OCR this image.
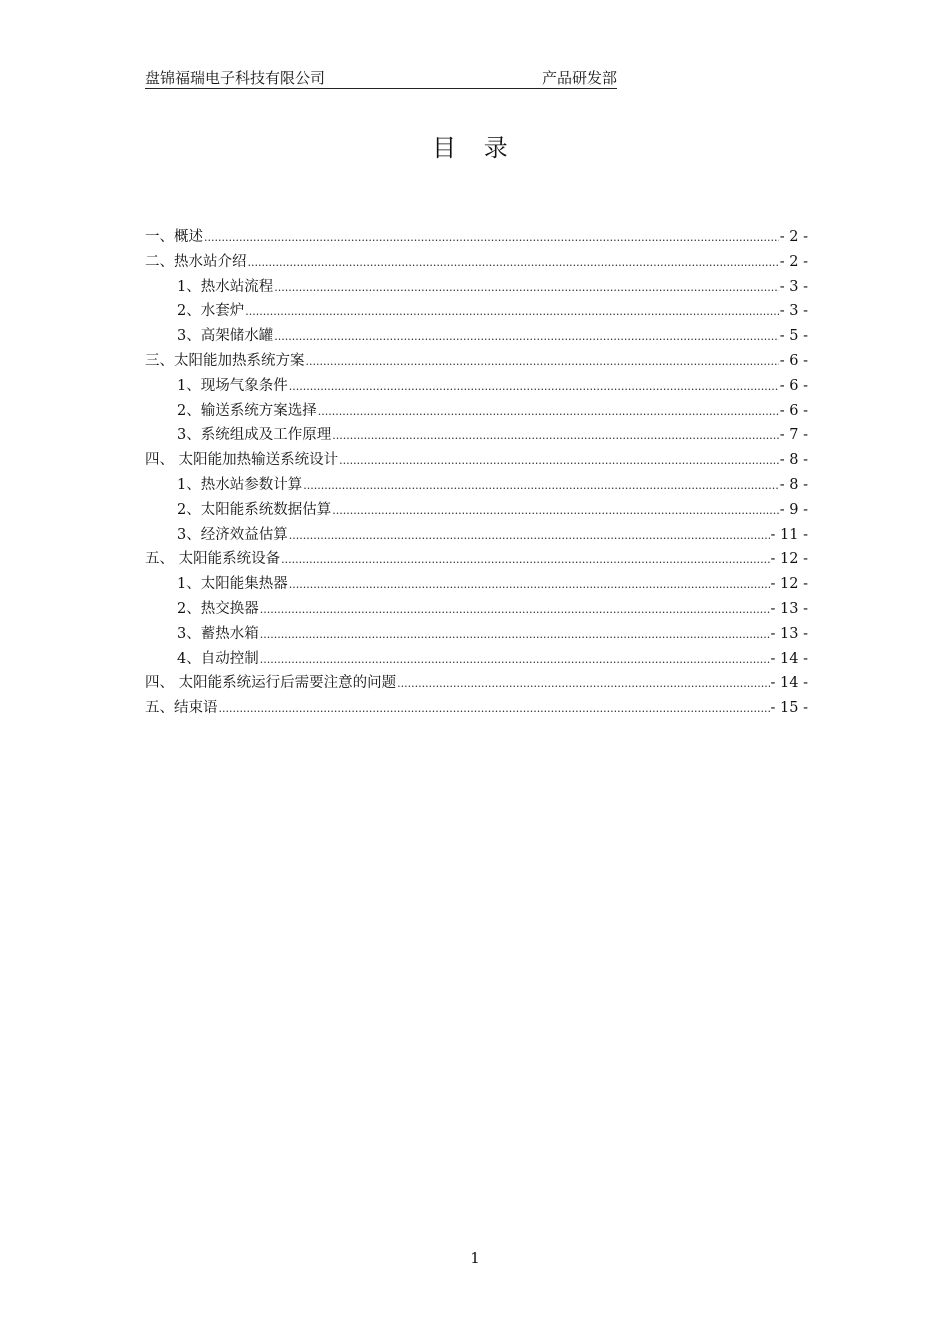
盘锦福瑞电子科技有限公司	产品研发部
目 录
一、概述 .....	- 2 -
二、热水站介绍 .....	- 2 -
1、热水站流程 .....	- 3 -
2、水套炉 .....	- 3 -
3、高架储水罐 .....	- 5 -
三、太阳能加热系统方案 .....	- 6 -
1、现场气象条件 .....	- 6 -
2、输送系统方案选择 .....	- 6 -
3、系统组成及工作原理 .....	- 7 -
四、 太阳能加热输送系统设计 .....	- 8 -
1、热水站参数计算 .....	- 8 -
2、太阳能系统数据估算 .....	- 9 -
3、经济效益估算 .....	- 11 -
五、 太阳能系统设备 .....	- 12 -
1、太阳能集热器 .....	- 12 -
2、热交换器 .....	- 13 -
3、蓄热水箱 .....	- 13 -
4、自动控制 .....	- 14 -
四、 太阳能系统运行后需要注意的问题 .....	- 14 -
五、结束语 .....	- 15 -
1
